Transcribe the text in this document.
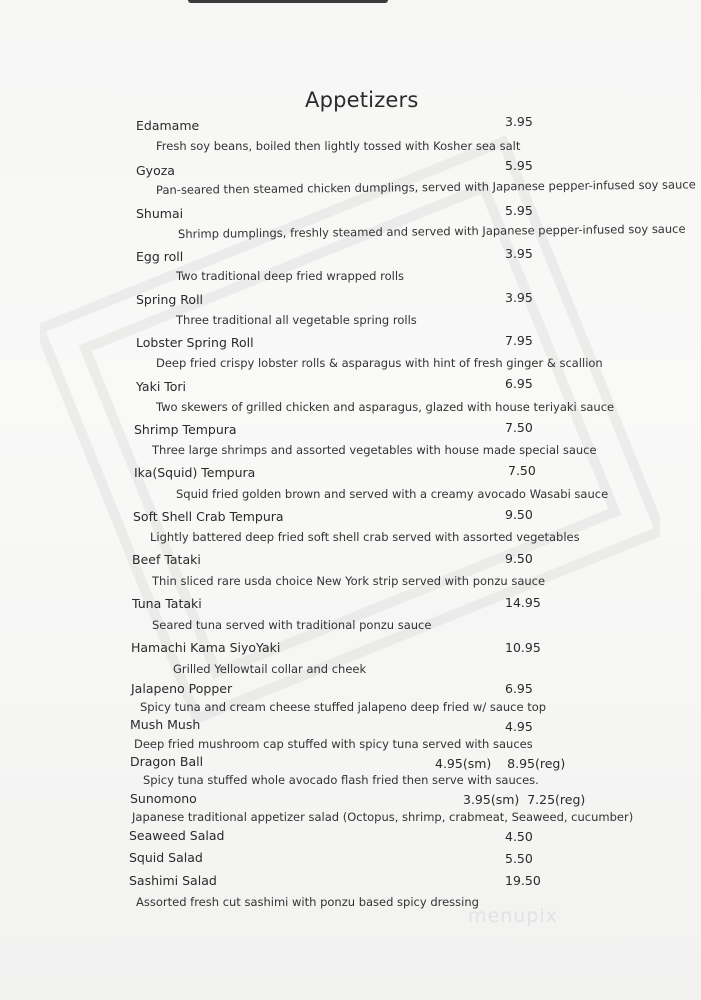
Appetizers
Edamame	3.95
Fresh soy beans, boiled then lightly tossed with Kosher sea salt
Gyoza	5.95
Pan-seared then steamed chicken dumplings, served with Japanese pepper-infused soy sauce
Shumai	5.95
Shrimp dumplings, freshly steamed and served with Japanese pepper-infused soy sauce
Egg roll	3.95
Two traditional deep fried wrapped rolls
Spring Roll	3.95
Three traditional all vegetable spring rolls
Lobster Spring Roll	7.95
Deep fried crispy lobster rolls & asparagus with hint of fresh ginger & scallion
Yaki Tori	6.95
Two skewers of grilled chicken and asparagus, glazed with house teriyaki sauce
Shrimp Tempura	7.50
Three large shrimps and assorted vegetables with house made special sauce
Ika(Squid) Tempura	7.50
Squid fried golden brown and served with a creamy avocado Wasabi sauce
Soft Shell Crab Tempura	9.50
Lightly battered deep fried soft shell crab served with assorted vegetables
Beef Tataki	9.50
Thin sliced rare usda choice New York strip served with ponzu sauce
Tuna Tataki	14.95
Seared tuna served with traditional ponzu sauce
Hamachi Kama SiyoYaki	10.95
Grilled Yellowtail collar and cheek
Jalapeno Popper	6.95
Spicy tuna and cream cheese stuffed jalapeno deep fried w/ sauce top
Mush Mush	4.95
Deep fried mushroom cap stuffed with spicy tuna served with sauces
Dragon Ball	4.95(sm)    8.95(reg)
Spicy tuna stuffed whole avocado flash fried then serve with sauces.
Sunomono	3.95(sm)  7.25(reg)
Japanese traditional appetizer salad (Octopus, shrimp, crabmeat, Seaweed, cucumber)
Seaweed Salad	4.50
Squid Salad	5.50
Sashimi Salad	19.50
Assorted fresh cut sashimi with ponzu based spicy dressing
menupix
